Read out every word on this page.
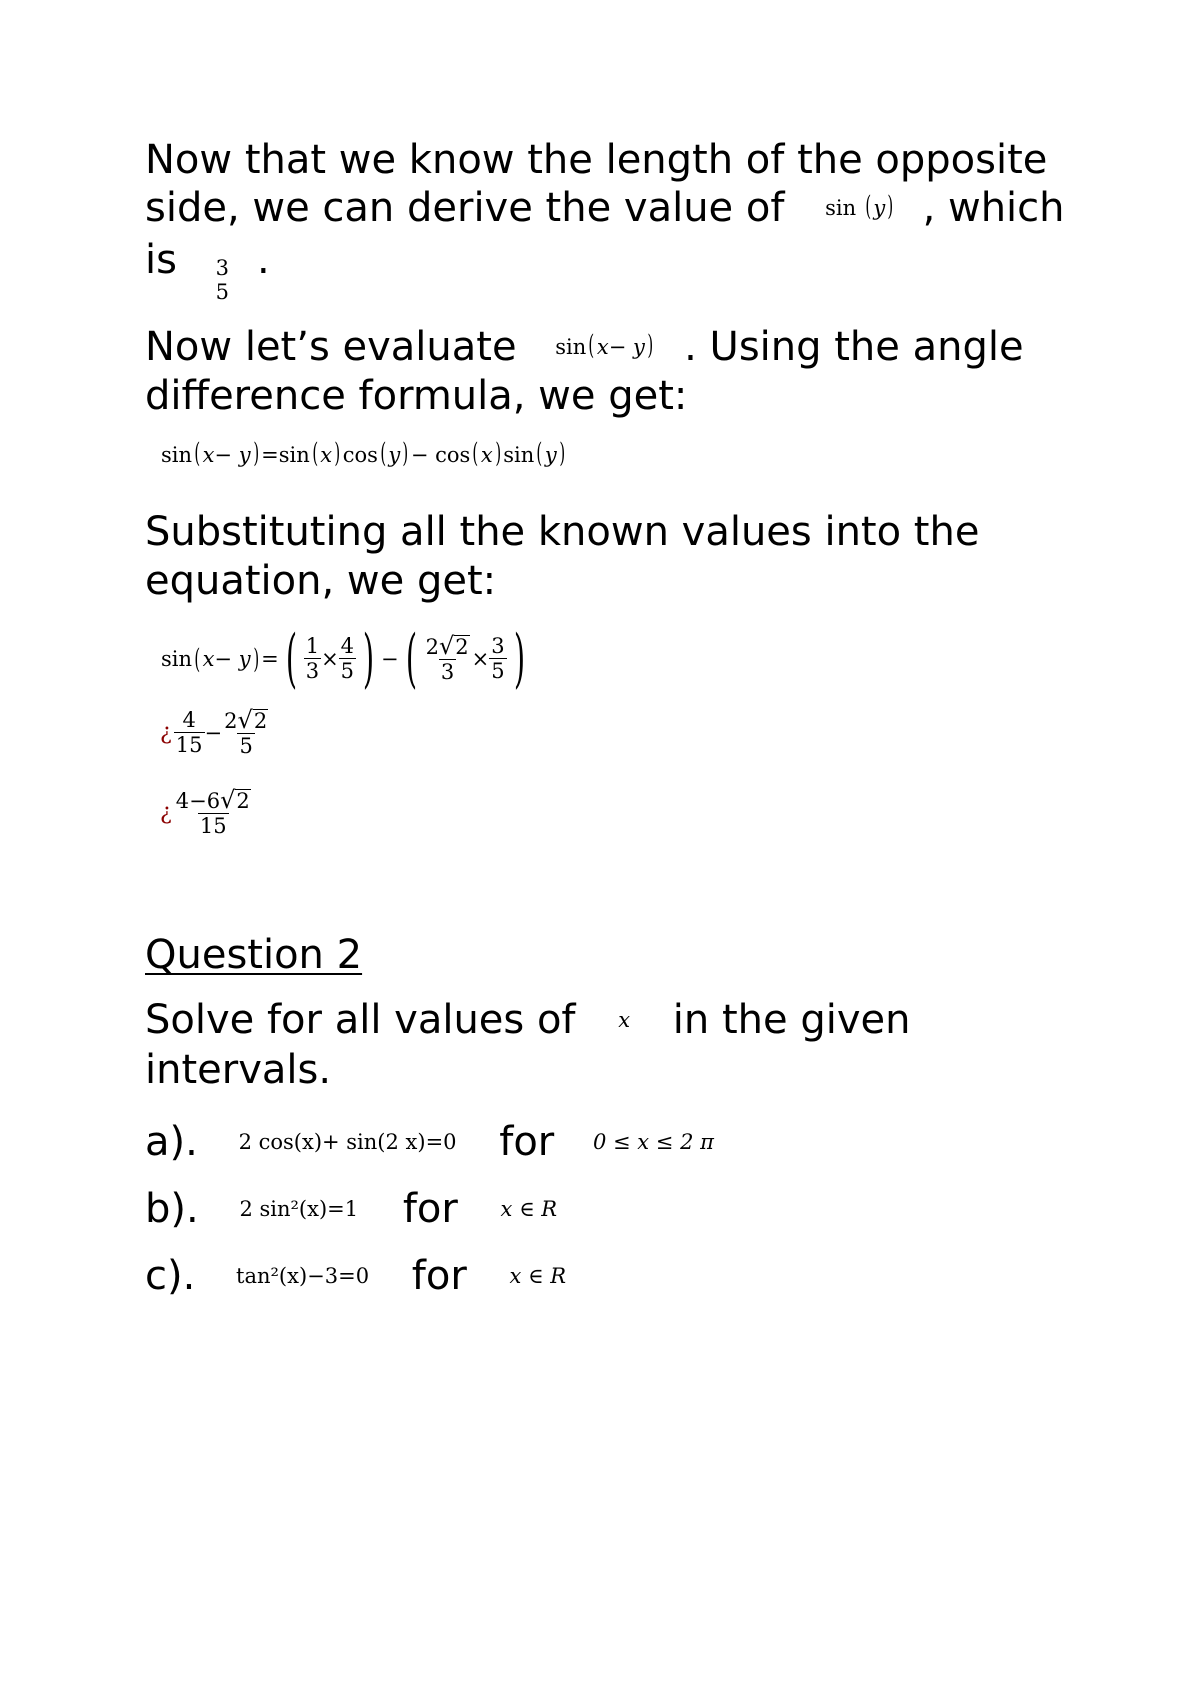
Now that we know the length of the opposite
side, we can derive the value of sin ( y) , which
is 3
5
.
Now let’s evaluate sin( x− y) . Using the angle
difference formula, we get:
sin( x− y) =sin( x) cos( y) − cos( x) sin( y)
Substituting all the known values into the
equation, we get:
sin ( x− y ) = ( $\frac{1}{3} \times \frac{4}{5}$ ) − ( $\frac{2 √ 2}{3} \times \frac{3}{5}$ )
¿ $\frac{4}{15} - \frac{2 √ 2}{5}$
¿ $\frac{4-6 √ 2}{15}$
Question 2
Solve for all values of x in the given
intervals.
a). 2 cos(x)+ sin(2 x)=0 for 0 ≤ x ≤ 2 π
b). 2 sin²(x)=1 for x ∈ R
c). tan²(x)−3=0 for x ∈ R
